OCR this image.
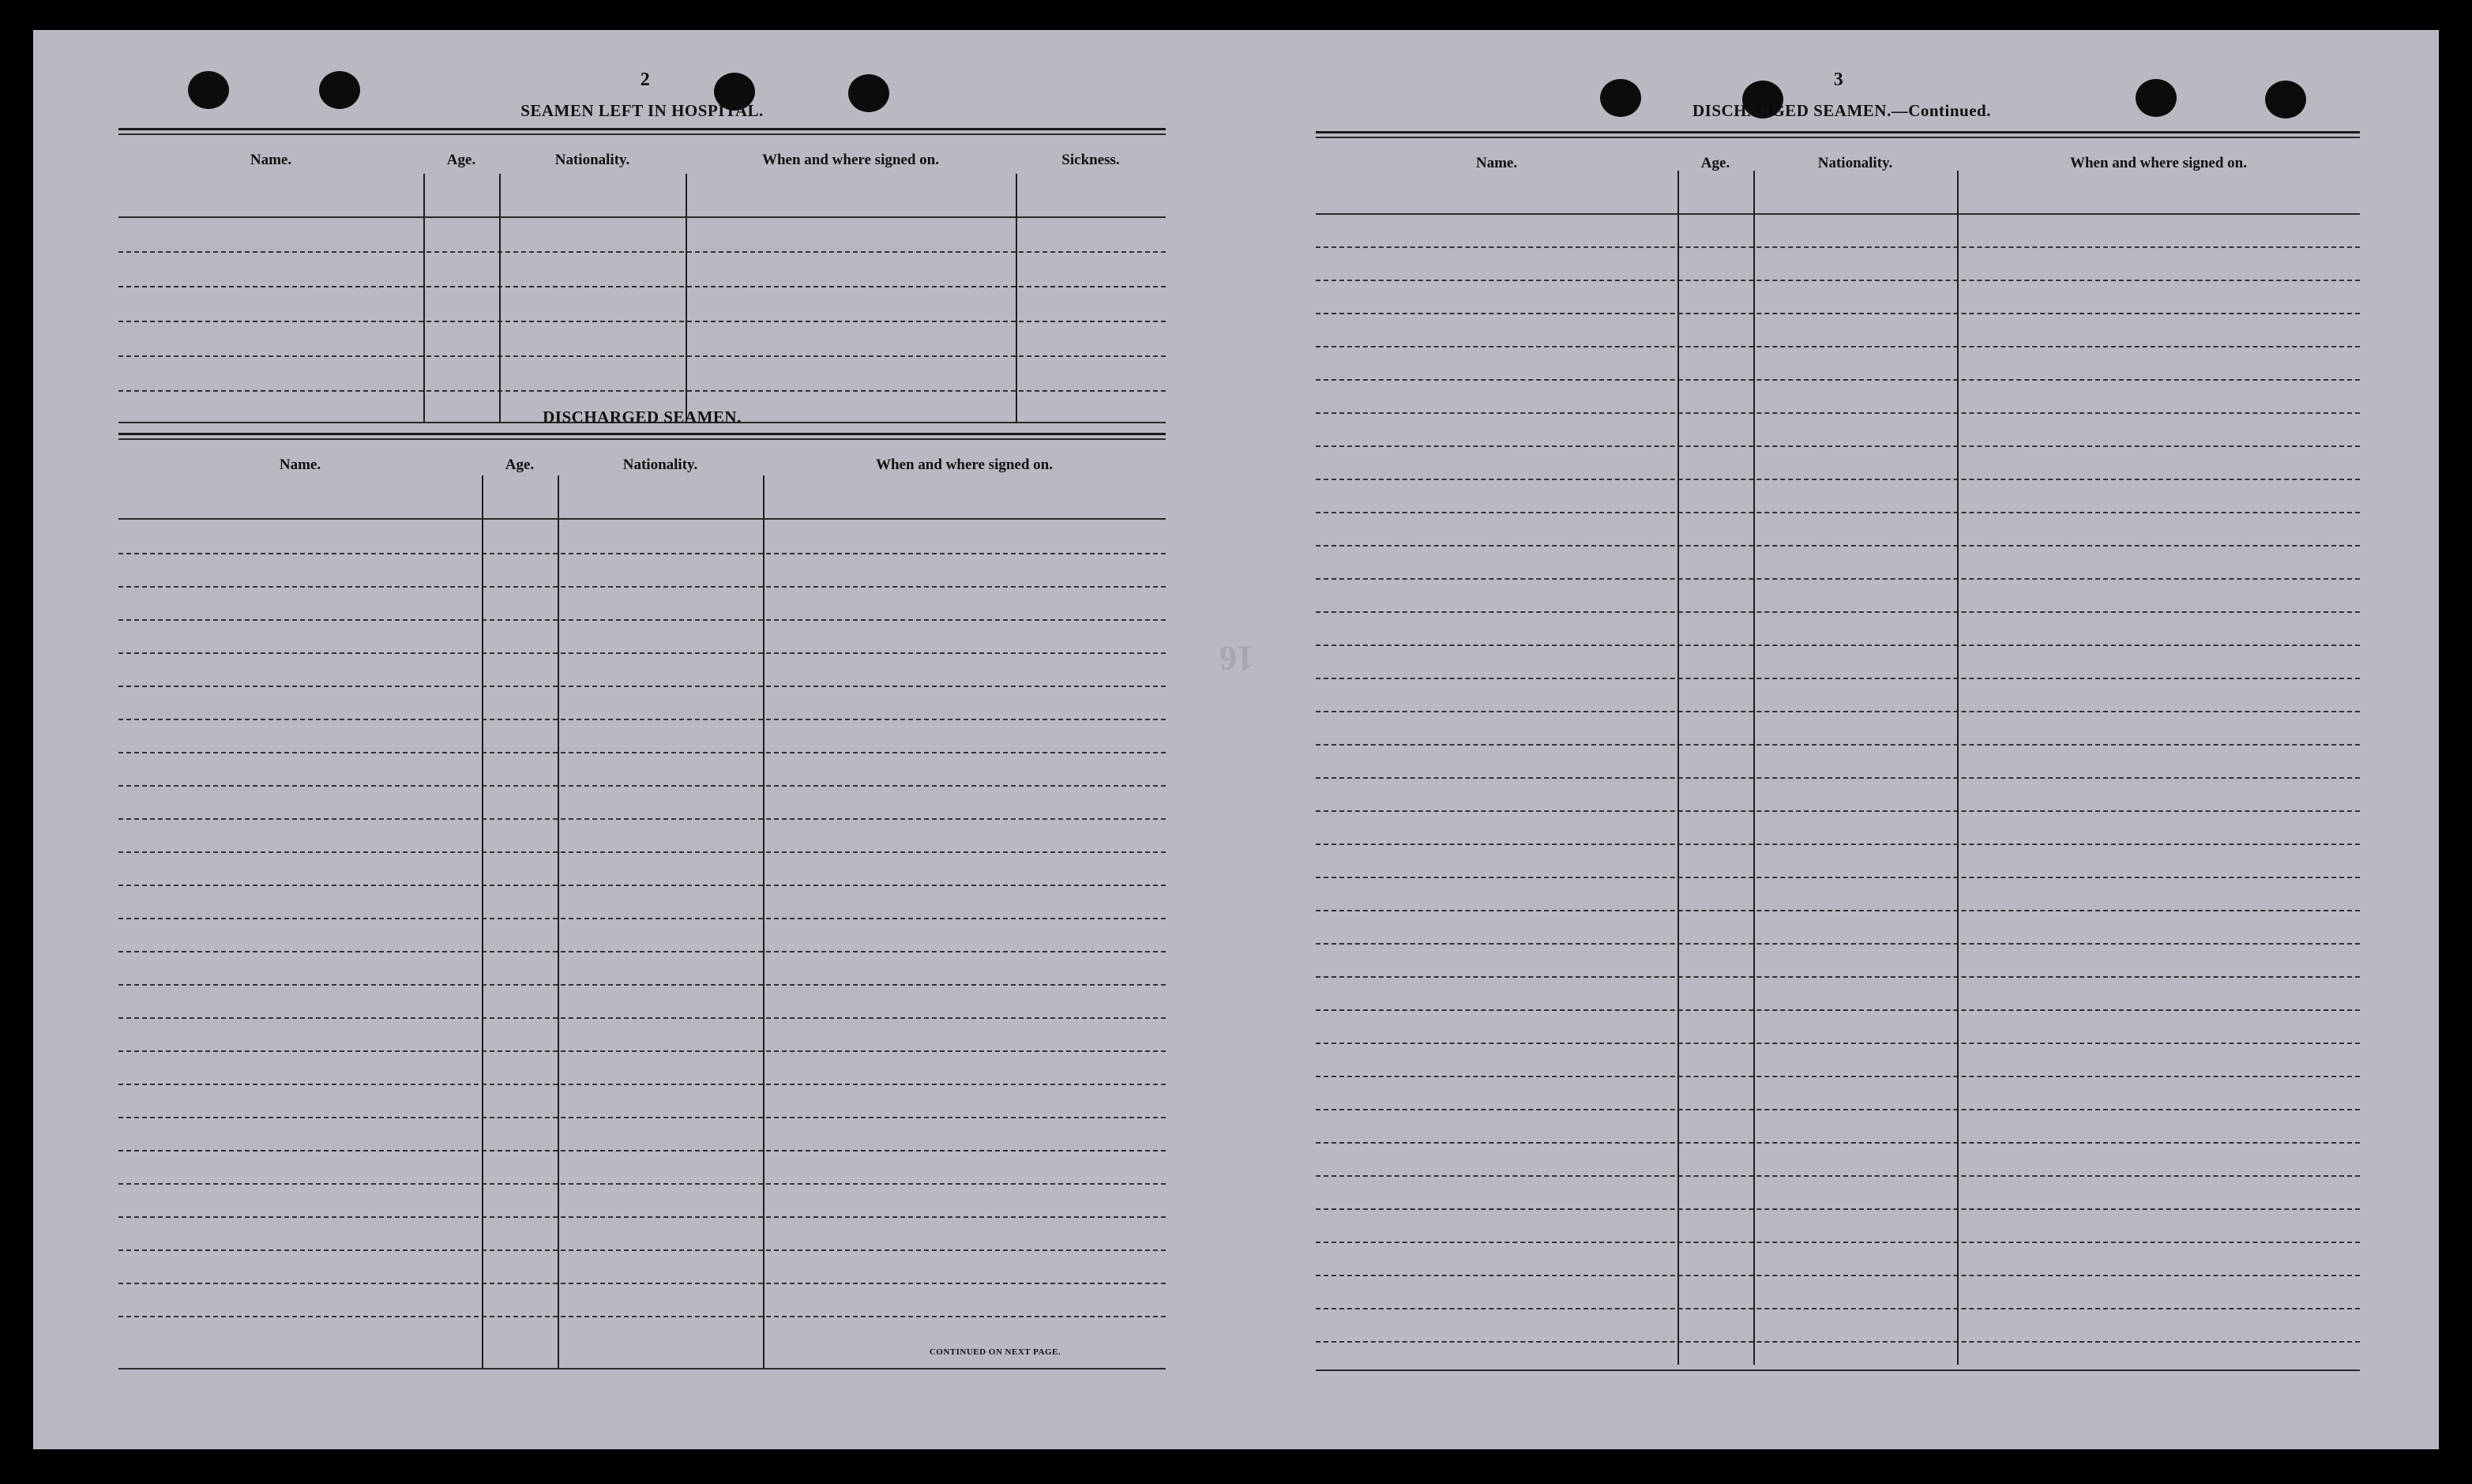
2
SEAMEN LEFT IN HOSPITAL.
Name.	Age.	Nationality.	When and where signed on.	Sickness.
DISCHARGED SEAMEN.
Name.	Age.	Nationality.	When and where signed on.
CONTINUED ON NEXT PAGE.
16
3
DISCHARGED SEAMEN.—Continued.
Name.	Age.	Nationality.	When and where signed on.
